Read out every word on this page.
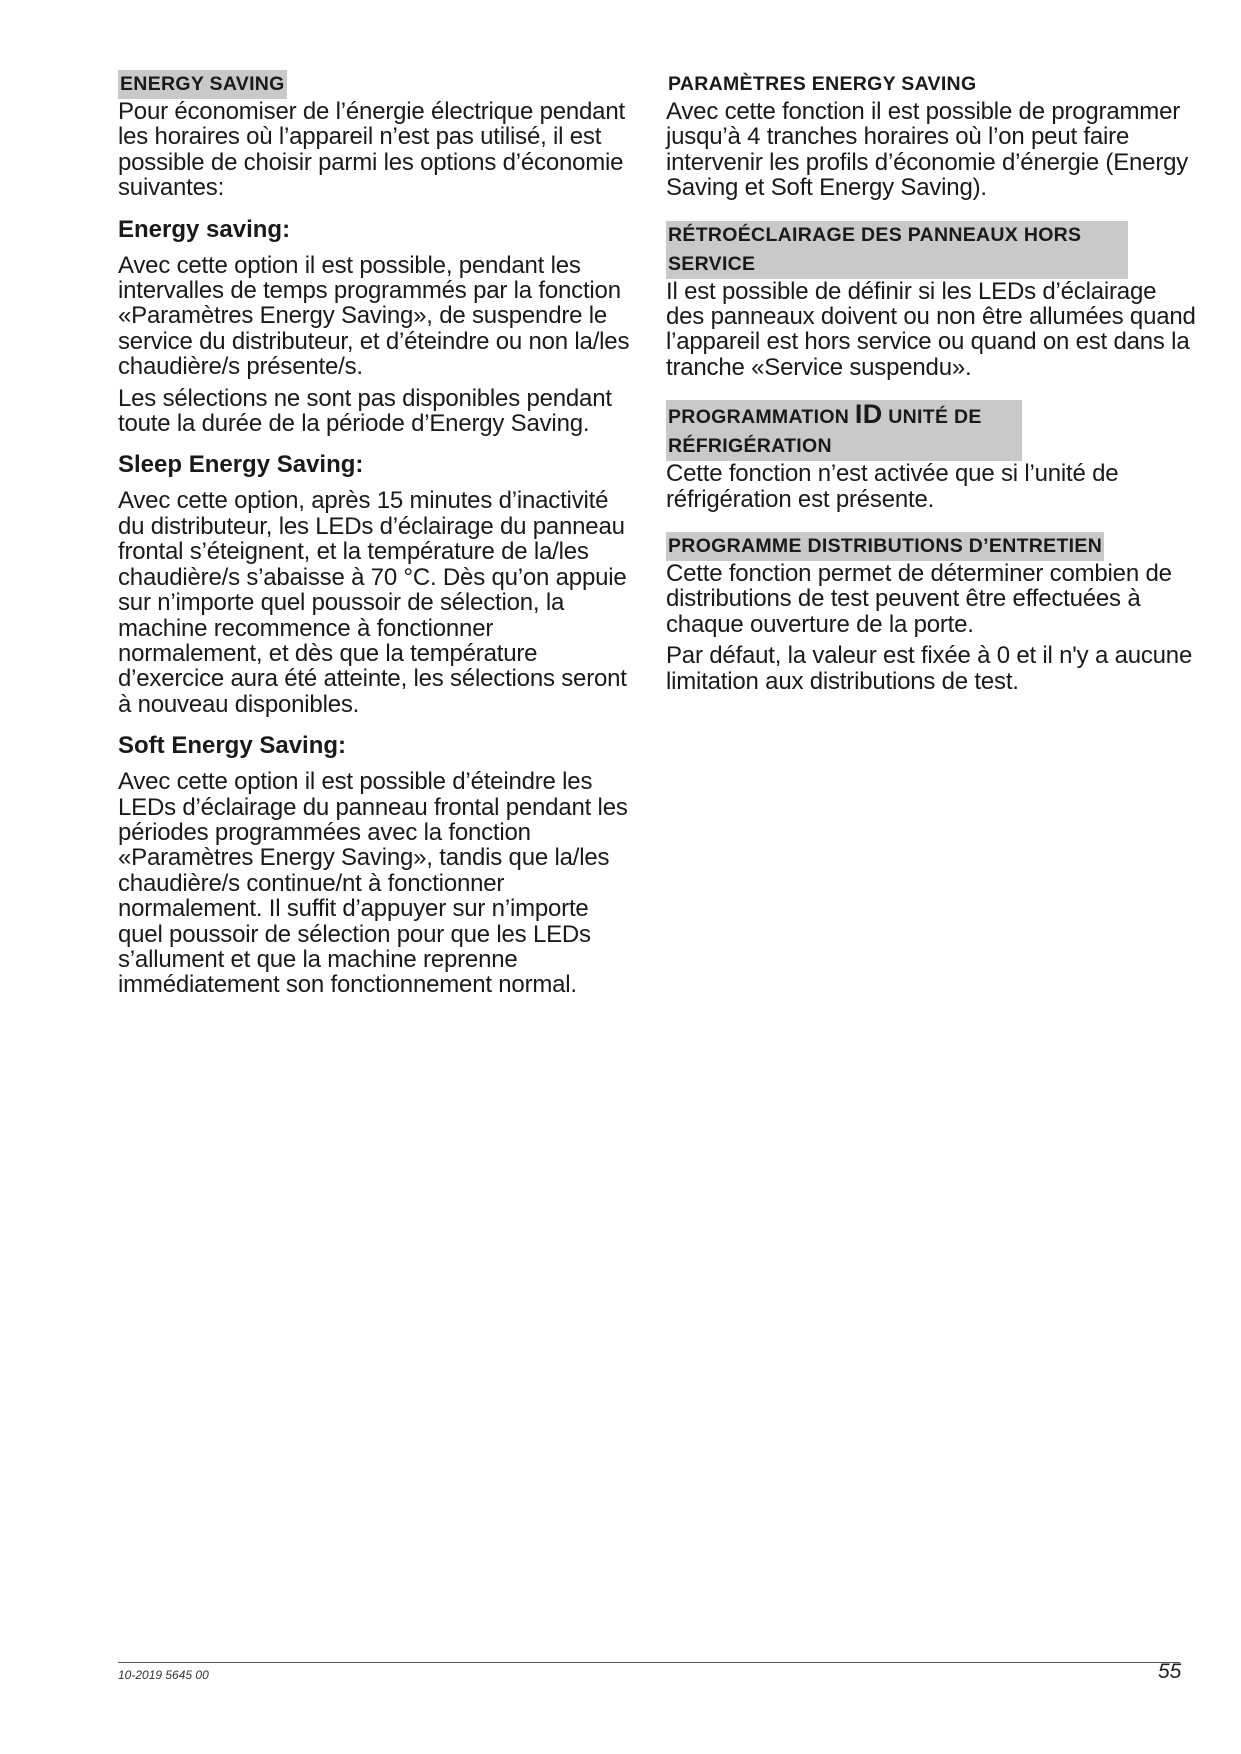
ENERGY SAVING

Pour économiser de l’énergie électrique pendant les horaires où l’appareil n’est pas utilisé, il est possible de choisir parmi les options d’économie suivantes:

Energy saving:

Avec cette option il est possible, pendant les intervalles de temps programmés par la fonction «Paramètres Energy Saving», de suspendre le service du distributeur, et d’éteindre ou non la/les chaudière/s présente/s.

Les sélections ne sont pas disponibles pendant toute la durée de la période d’Energy Saving.

Sleep Energy Saving:

Avec cette option, après 15 minutes d’inactivité du distributeur, les LEDs d’éclairage du panneau frontal s’éteignent, et la température de la/les chaudière/s s’abaisse à 70 °C. Dès qu’on appuie sur n’importe quel poussoir de sélection, la machine recommence à fonctionner normalement, et dès que la température d’exercice aura été atteinte, les sélections seront à nouveau disponibles.

Soft Energy Saving:

Avec cette option il est possible d’éteindre les LEDs d’éclairage du panneau frontal pendant les périodes programmées avec la fonction «Paramètres Energy Saving», tandis que la/les chaudière/s continue/nt à fonctionner normalement. Il suffit d’appuyer sur n’importe quel poussoir de sélection pour que les LEDs s’allument et que la machine reprenne immédiatement son fonctionnement normal.

PARAMÈTRES ENERGY SAVING

Avec cette fonction il est possible de programmer jusqu’à 4 tranches horaires où l’on peut faire intervenir les profils d’économie d’énergie (Energy Saving et Soft Energy Saving).

RÉTROÉCLAIRAGE DES PANNEAUX HORS SERVICE

Il est possible de définir si les LEDs d’éclairage des panneaux doivent ou non être allumées quand l’appareil est hors service ou quand on est dans la tranche «Service suspendu».

PROGRAMMATION ID UNITÉ DE RÉFRIGÉRATION

Cette fonction n’est activée que si l’unité de réfrigération est présente.

PROGRAMME DISTRIBUTIONS D’ENTRETIEN

Cette fonction permet de déterminer combien de distributions de test peuvent être effectuées à chaque ouverture de la porte.

Par défaut, la valeur est fixée à 0 et il n'y a aucune limitation aux distributions de test.

10-2019 5645 00	55
